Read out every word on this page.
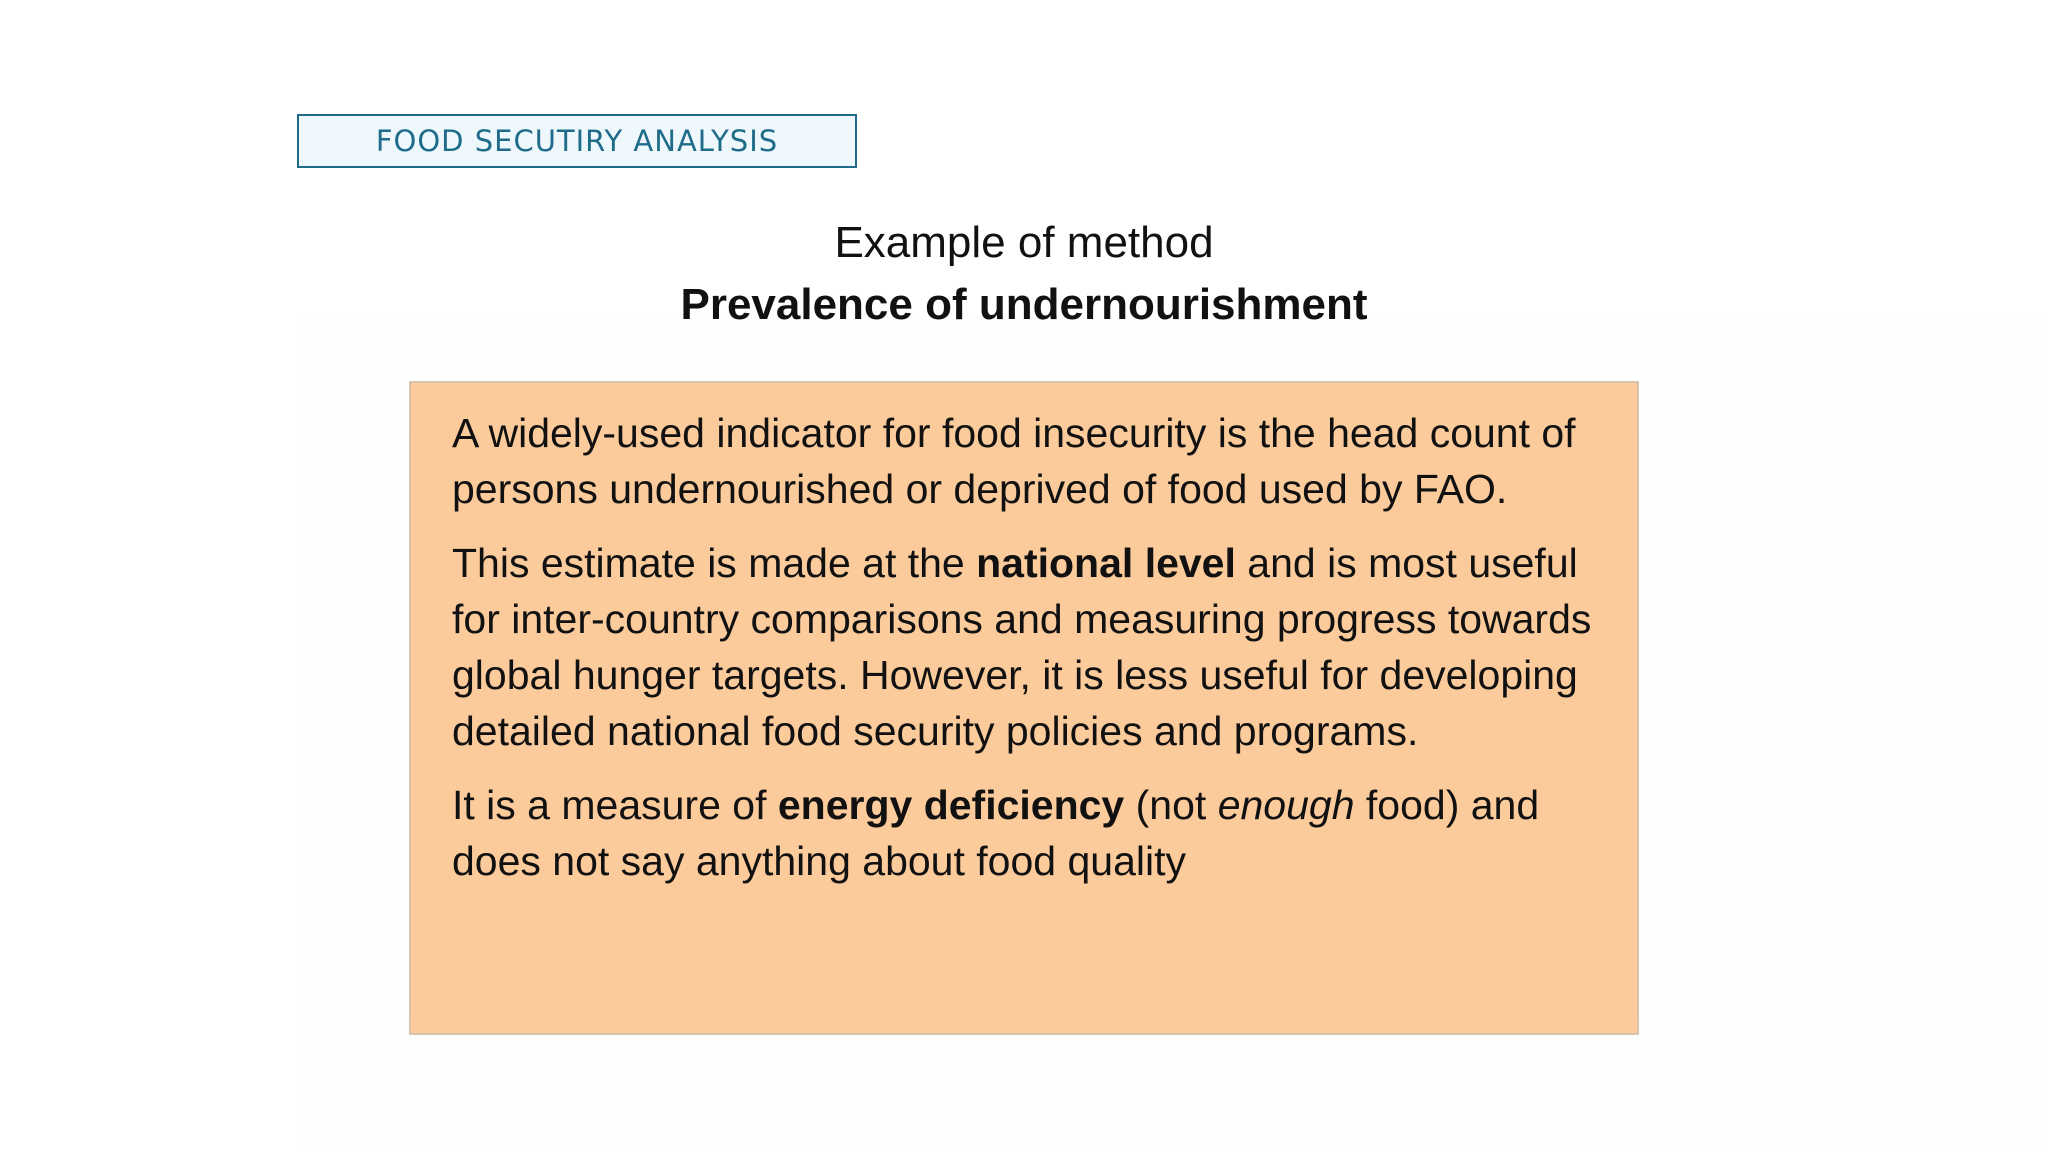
FOOD SECUTIRY ANALYSIS
Example of method
Prevalence of undernourishment

A widely-used indicator for food insecurity is the head count of persons undernourished or deprived of food used by FAO.

This estimate is made at the national level and is most useful for inter-country comparisons and measuring progress towards global hunger targets. However, it is less useful for developing detailed national food security policies and programs.

It is a measure of energy deficiency (not enough food) and does not say anything about food quality
